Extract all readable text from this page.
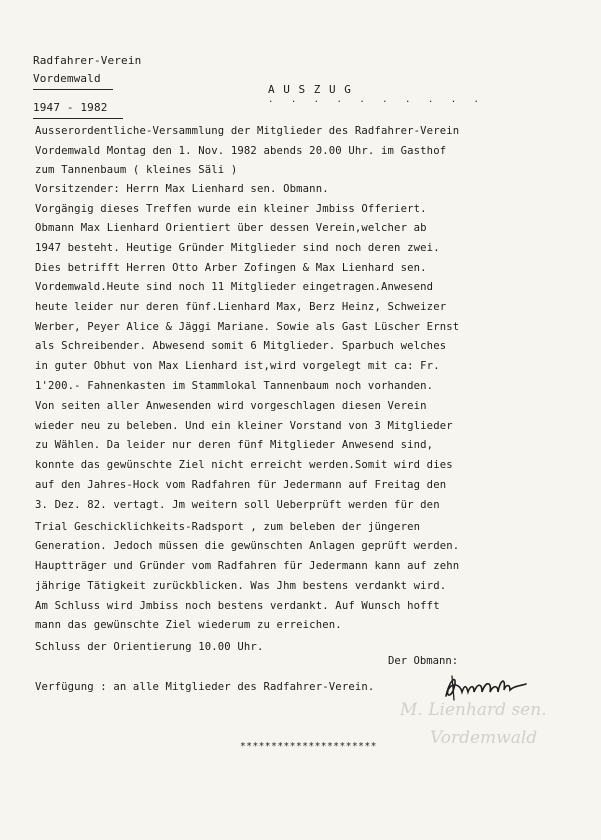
Radfahrer-Verein
Vordemwald
A U S Z U G
. . . . . . . . . .
1947 - 1982
Ausserordentliche-Versammlung der Mitglieder des Radfahrer-Verein
Vordemwald Montag den 1. Nov. 1982 abends 20.00 Uhr. im Gasthof
zum Tannenbaum ( kleines Säli )
Vorsitzender: Herrn Max Lienhard sen. Obmann.
Vorgängig dieses Treffen wurde ein kleiner Jmbiss Offeriert.
Obmann Max Lienhard Orientiert über dessen Verein,welcher ab
1947 besteht. Heutige Gründer Mitglieder sind noch deren zwei.
Dies betrifft Herren Otto Arber Zofingen & Max Lienhard sen.
Vordemwald.Heute sind noch 11 Mitglieder eingetragen.Anwesend
heute leider nur deren fünf.Lienhard Max, Berz Heinz, Schweizer
Werber, Peyer Alice & Jäggi Mariane. Sowie als Gast Lüscher Ernst
als Schreibender. Abwesend somit 6 Mitglieder. Sparbuch welches
in guter Obhut von Max Lienhard ist,wird vorgelegt mit ca: Fr.
1'200.- Fahnenkasten im Stammlokal Tannenbaum noch vorhanden.
Von seiten aller Anwesenden wird vorgeschlagen diesen Verein
wieder neu zu beleben. Und ein kleiner Vorstand von 3 Mitglieder
zu Wählen. Da leider nur deren fünf Mitglieder Anwesend sind,
konnte das gewünschte Ziel nicht erreicht werden.Somit wird dies
auf den Jahres-Hock vom Radfahren für Jedermann auf Freitag den
3. Dez. 82. vertagt. Jm weitern soll Ueberprüft werden für den
Trial Geschicklichkeits-Radsport , zum beleben der jüngeren
Generation. Jedoch müssen die gewünschten Anlagen geprüft werden.
Hauptträger und Gründer vom Radfahren für Jedermann kann auf zehn
jährige Tätigkeit zurückblicken. Was Jhm bestens verdankt wird.
Am Schluss wird Jmbiss noch bestens verdankt. Auf Wunsch hofft
mann das gewünschte Ziel wiederum zu erreichen.
Schluss der Orientierung 10.00 Uhr.
Der Obmann:
Verfügung : an alle Mitglieder des Radfahrer-Verein.
M. Lienhard sen.
Vordemwald
**********************
